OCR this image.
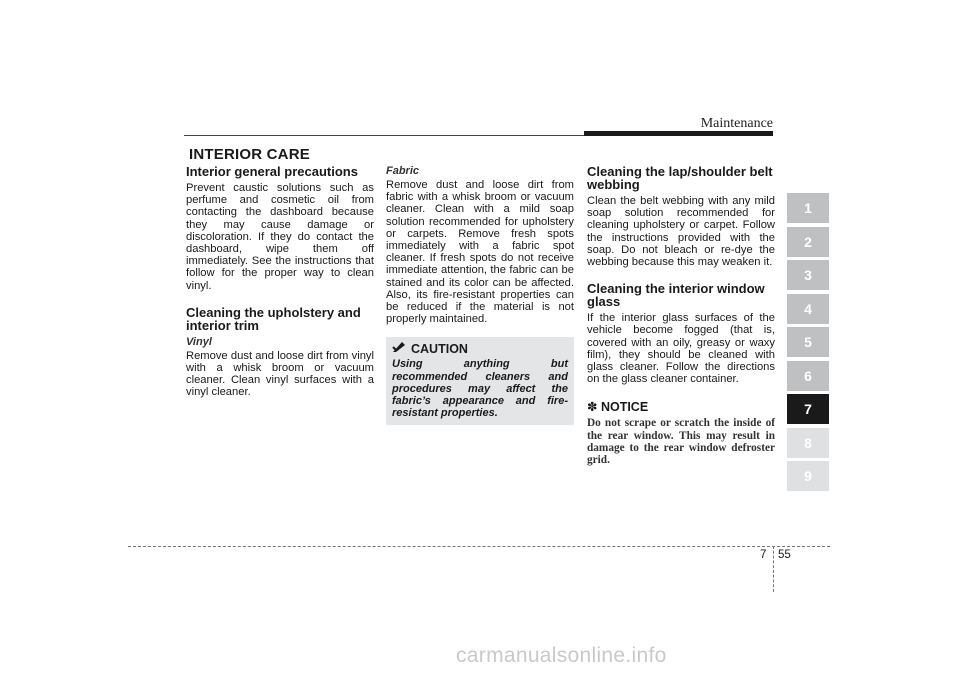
Maintenance
INTERIOR CARE
Interior general precautions

Prevent caustic solutions such as perfume and cosmetic oil from contacting the dashboard because they may cause damage or discoloration. If they do contact the dashboard, wipe them off immediately. See the instructions that follow for the proper way to clean vinyl.

Cleaning the upholstery and interior trim
Vinyl

Remove dust and loose dirt from vinyl with a whisk broom or vacuum cleaner. Clean vinyl surfaces with a vinyl cleaner.

Fabric

Remove dust and loose dirt from fabric with a whisk broom or vacuum cleaner. Clean with a mild soap solution recommended for upholstery or carpets. Remove fresh spots immediately with a fabric spot cleaner. If fresh spots do not receive immediate attention, the fabric can be stained and its color can be affected. Also, its fire-resistant properties can be reduced if the material is not properly maintained.

CAUTION
Using anything but recommended cleaners and procedures may affect the fabric’s appearance and fire-resistant properties.
Cleaning the lap/shoulder belt webbing

Clean the belt webbing with any mild soap solution recommended for cleaning upholstery or carpet. Follow the instructions provided with the soap. Do not bleach or re-dye the webbing because this may weaken it.

Cleaning the interior window glass

If the interior glass surfaces of the vehicle become fogged (that is, covered with an oily, greasy or waxy film), they should be cleaned with glass cleaner. Follow the directions on the glass cleaner container.

✽ NOTICE
Do not scrape or scratch the inside of the rear window. This may result in damage to the rear window defroster grid.
1
2
3
4
5
6
7
8
9
7 55
carmanualsonline.info
